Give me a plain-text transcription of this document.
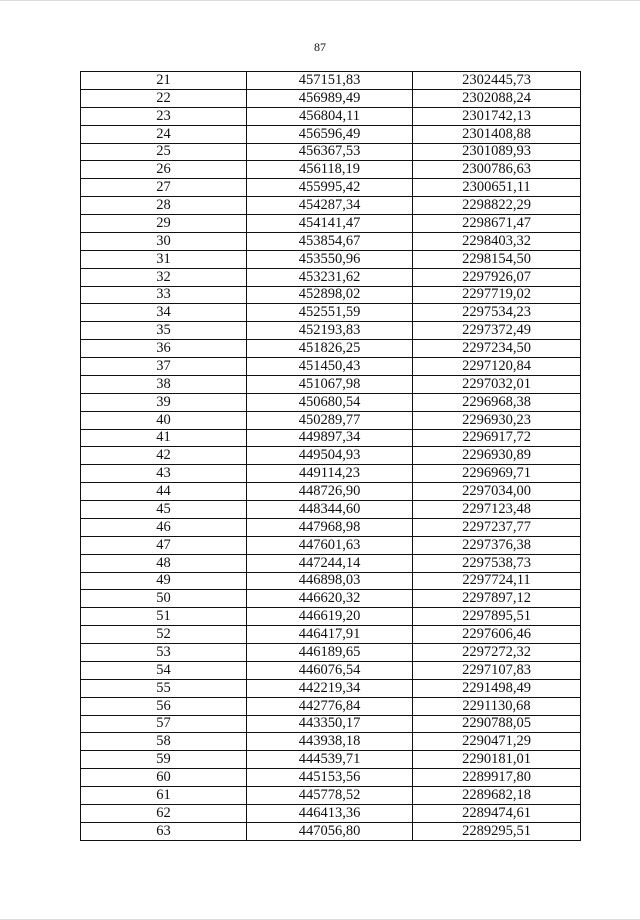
87
21	457151,83	2302445,73
22	456989,49	2302088,24
23	456804,11	2301742,13
24	456596,49	2301408,88
25	456367,53	2301089,93
26	456118,19	2300786,63
27	455995,42	2300651,11
28	454287,34	2298822,29
29	454141,47	2298671,47
30	453854,67	2298403,32
31	453550,96	2298154,50
32	453231,62	2297926,07
33	452898,02	2297719,02
34	452551,59	2297534,23
35	452193,83	2297372,49
36	451826,25	2297234,50
37	451450,43	2297120,84
38	451067,98	2297032,01
39	450680,54	2296968,38
40	450289,77	2296930,23
41	449897,34	2296917,72
42	449504,93	2296930,89
43	449114,23	2296969,71
44	448726,90	2297034,00
45	448344,60	2297123,48
46	447968,98	2297237,77
47	447601,63	2297376,38
48	447244,14	2297538,73
49	446898,03	2297724,11
50	446620,32	2297897,12
51	446619,20	2297895,51
52	446417,91	2297606,46
53	446189,65	2297272,32
54	446076,54	2297107,83
55	442219,34	2291498,49
56	442776,84	2291130,68
57	443350,17	2290788,05
58	443938,18	2290471,29
59	444539,71	2290181,01
60	445153,56	2289917,80
61	445778,52	2289682,18
62	446413,36	2289474,61
63	447056,80	2289295,51
